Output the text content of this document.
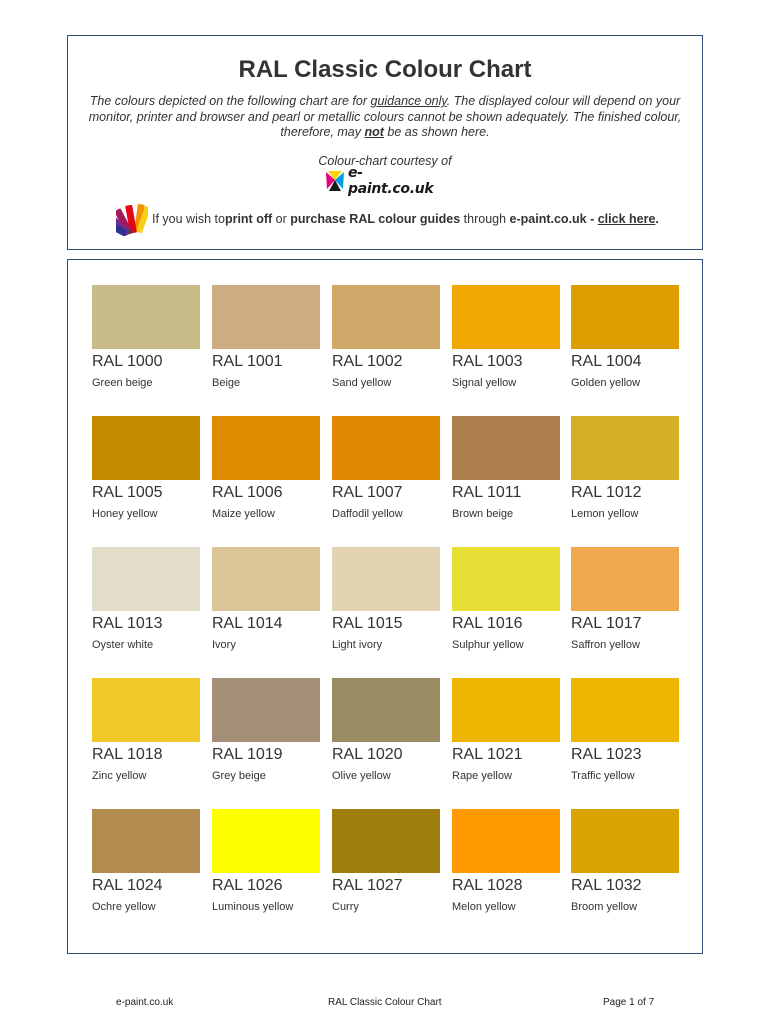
RAL Classic Colour Chart
The colours depicted on the following chart are for guidance only. The displayed colour will depend on your monitor, printer and browser and pearl or metallic colours cannot be shown adequately. The finished colour, therefore, may not be as shown here.
Colour-chart courtesy of
e-paint.co.uk
If you wish to print off or purchase RAL colour guides through e-paint.co.uk - click here .
RAL 1000
Green beige
RAL 1001
Beige
RAL 1002
Sand yellow
RAL 1003
Signal yellow
RAL 1004
Golden yellow
RAL 1005
Honey yellow
RAL 1006
Maize yellow
RAL 1007
Daffodil yellow
RAL 1011
Brown beige
RAL 1012
Lemon yellow
RAL 1013
Oyster white
RAL 1014
Ivory
RAL 1015
Light ivory
RAL 1016
Sulphur yellow
RAL 1017
Saffron yellow
RAL 1018
Zinc yellow
RAL 1019
Grey beige
RAL 1020
Olive yellow
RAL 1021
Rape yellow
RAL 1023
Traffic yellow
RAL 1024
Ochre yellow
RAL 1026
Luminous yellow
RAL 1027
Curry
RAL 1028
Melon yellow
RAL 1032
Broom yellow
e-paint.co.uk	RAL Classic Colour Chart	Page 1 of 7
